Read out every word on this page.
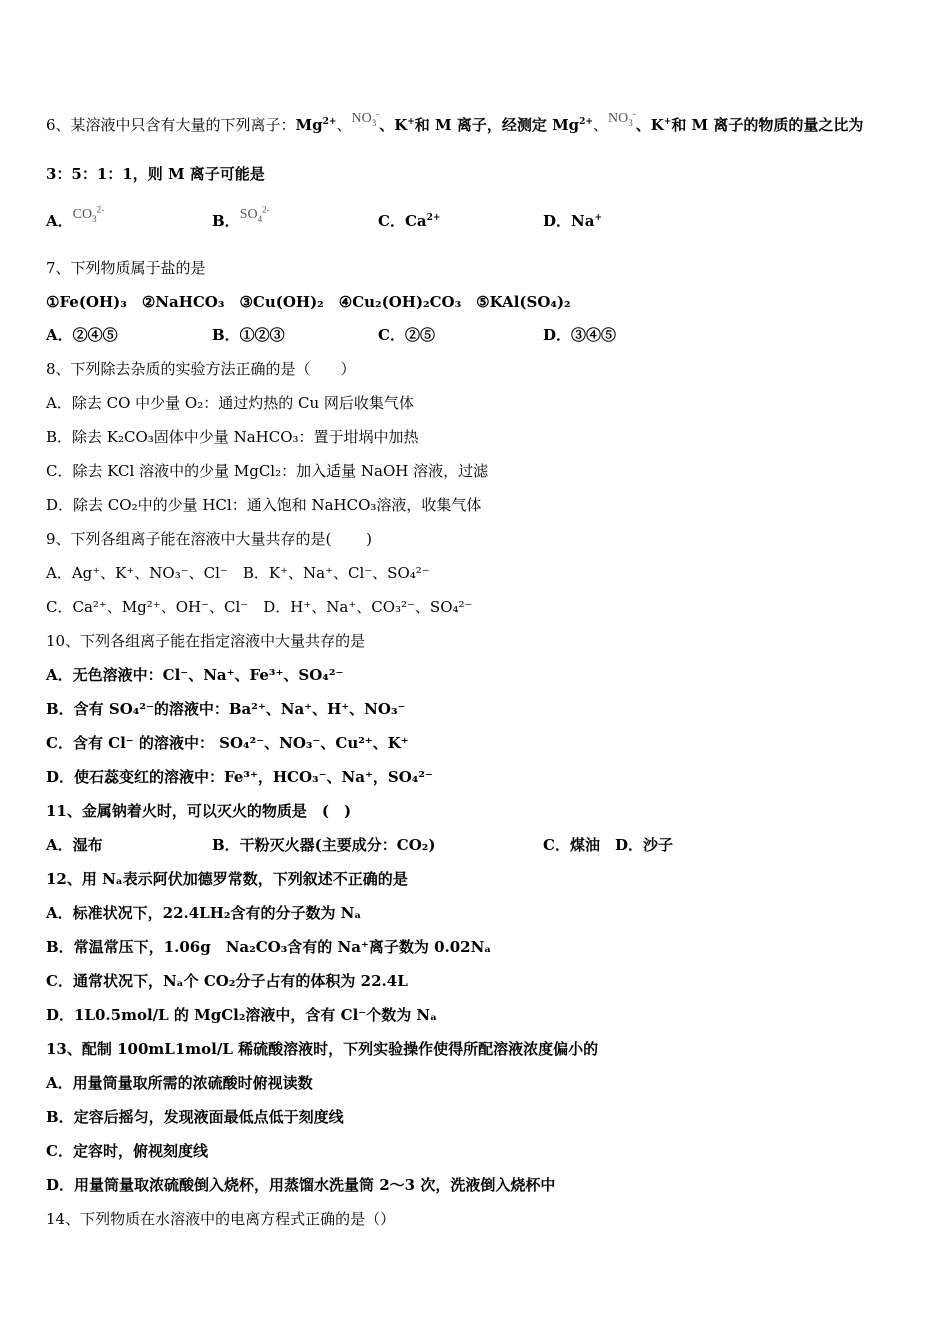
6、某溶液中只含有大量的下列离子：$Mg^{2+}$、$NO_3^-$、K+和 M 离子，经测定 $Mg^{2+}$、$NO_3^-$、K+和 M 离子的物质的量之比为
3：5：1：1，则 M 离子可能是
A．$CO_3^{2-}$
B．$SO_4^{2-}$
C．$Ca^{2+}$	D．Na+
7、下列物质属于盐的是
①Fe(OH)₃　②NaHCO₃　③Cu(OH)₂　④Cu₂(OH)₂CO₃　⑤KAl(SO₄)₂
A．②④⑤	B．①②③	C．②⑤	D．③④⑤
8、下列除去杂质的实验方法正确的是（　　）
A．除去 CO 中少量 O₂：通过灼热的 Cu 网后收集气体
B．除去 K₂CO₃固体中少量 NaHCO₃：置于坩埚中加热
C．除去 KCl 溶液中的少量 MgCl₂：加入适量 NaOH 溶液，过滤
D．除去 CO₂中的少量 HCl：通入饱和 NaHCO₃溶液，收集气体
9、下列各组离子能在溶液中大量共存的是(　　 )
A．Ag⁺、K⁺、NO₃⁻、Cl⁻　B．K⁺、Na⁺、Cl⁻、SO₄²⁻
C．Ca²⁺、Mg²⁺、OH⁻、Cl⁻　D．H⁺、Na⁺、CO₃²⁻、SO₄²⁻
10、下列各组离子能在指定溶液中大量共存的是
A．无色溶液中：Cl⁻、Na⁺、Fe³⁺、SO₄²⁻
B．含有 SO₄²⁻的溶液中：Ba²⁺、Na⁺、H⁺、NO₃⁻
C．含有 Cl⁻ 的溶液中： SO₄²⁻、NO₃⁻、Cu²⁺、K⁺
D．使石蕊变红的溶液中：Fe³⁺，HCO₃⁻、Na⁺，SO₄²⁻
11、金属钠着火时，可以灭火的物质是　(　)
A．湿布	B．干粉灭火器(主要成分：CO₂)	C．煤油　D．沙子
12、用 Nₐ表示阿伏加德罗常数，下列叙述不正确的是
A．标准状况下，22.4LH₂含有的分子数为 Nₐ
B．常温常压下，1.06g　Na₂CO₃含有的 Na⁺离子数为 0.02Nₐ
C．通常状况下，Nₐ个 CO₂分子占有的体积为 22.4L
D．1L0.5mol/L 的 MgCl₂溶液中，含有 Cl⁻个数为 Nₐ
13、配制 100mL1mol/L 稀硫酸溶液时，下列实验操作使得所配溶液浓度偏小的
A．用量筒量取所需的浓硫酸时俯视读数
B．定容后摇匀，发现液面最低点低于刻度线
C．定容时，俯视刻度线
D．用量筒量取浓硫酸倒入烧杯，用蒸馏水洗量筒 2～3 次，洗液倒入烧杯中
14、下列物质在水溶液中的电离方程式正确的是（）
